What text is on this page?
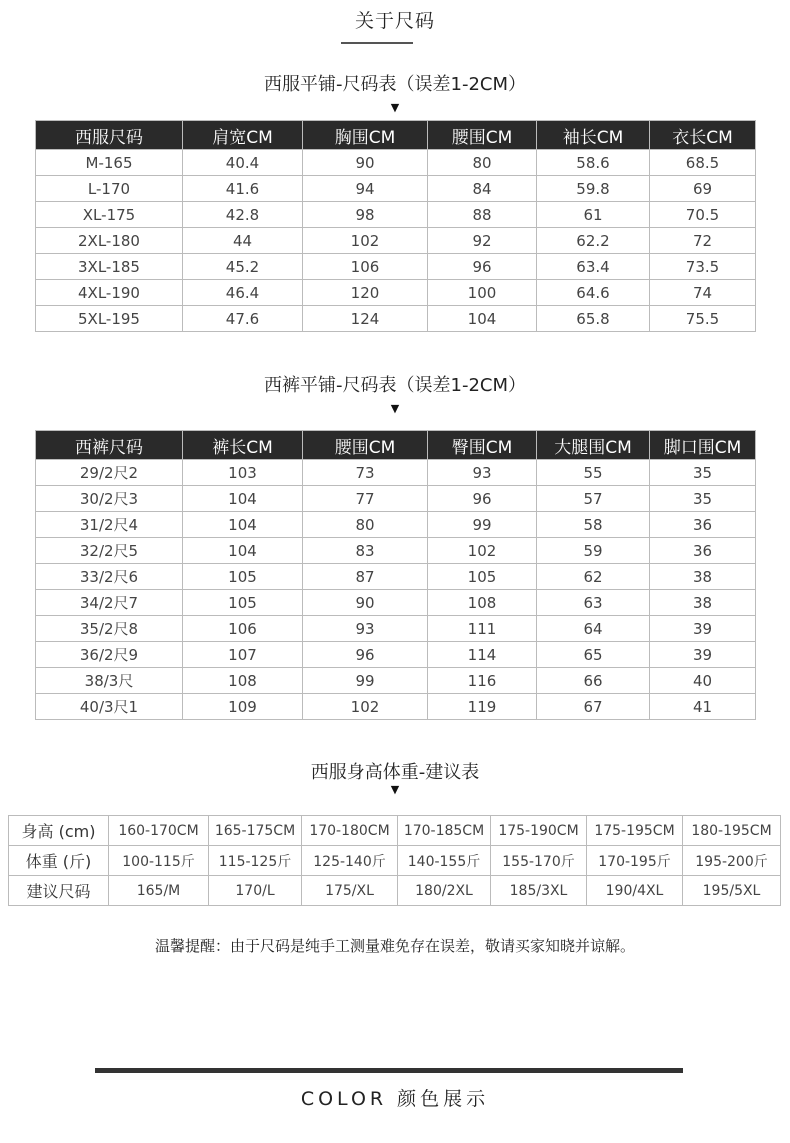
关于尺码
西服平铺-尺码表（误差1-2CM）
▼
西服尺码	肩宽CM	胸围CM	腰围CM	袖长CM	衣长CM
M-165	40.4	90	80	58.6	68.5
L-170	41.6	94	84	59.8	69
XL-175	42.8	98	88	61	70.5
2XL-180	44	102	92	62.2	72
3XL-185	45.2	106	96	63.4	73.5
4XL-190	46.4	120	100	64.6	74
5XL-195	47.6	124	104	65.8	75.5
西裤平铺-尺码表（误差1-2CM）
▼
西裤尺码	裤长CM	腰围CM	臀围CM	大腿围CM	脚口围CM
29/2尺2	103	73	93	55	35
30/2尺3	104	77	96	57	35
31/2尺4	104	80	99	58	36
32/2尺5	104	83	102	59	36
33/2尺6	105	87	105	62	38
34/2尺7	105	90	108	63	38
35/2尺8	106	93	111	64	39
36/2尺9	107	96	114	65	39
38/3尺	108	99	116	66	40
40/3尺1	109	102	119	67	41
西服身高体重-建议表
▼
身高 (cm)	160-170CM	165-175CM	170-180CM	170-185CM	175-190CM	175-195CM	180-195CM
体重 (斤)	100-115斤	115-125斤	125-140斤	140-155斤	155-170斤	170-195斤	195-200斤
建议尺码	165/M	170/L	175/XL	180/2XL	185/3XL	190/4XL	195/5XL
温馨提醒：由于尺码是纯手工测量难免存在误差，敬请买家知晓并谅解。
COLOR 颜色展示
